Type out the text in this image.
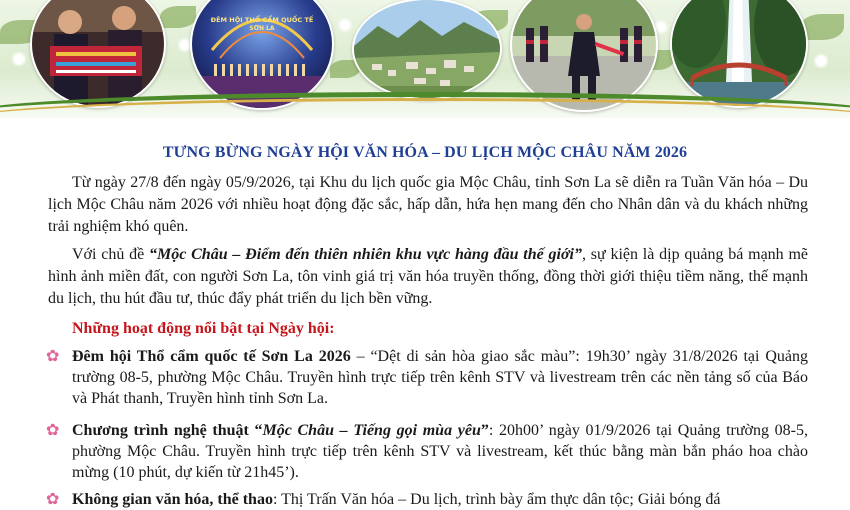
ĐÊM HỘI THỔ CẨM QUỐC TẾ
SƠN LA
TƯNG BỪNG NGÀY HỘI VĂN HÓA – DU LỊCH MỘC CHÂU NĂM 2026
Từ ngày 27/8 đến ngày 05/9/2026, tại Khu du lịch quốc gia Mộc Châu, tỉnh Sơn La sẽ diễn ra Tuần Văn hóa – Du lịch Mộc Châu năm 2026 với nhiều hoạt động đặc sắc, hấp dẫn, hứa hẹn mang đến cho Nhân dân và du khách những trải nghiệm khó quên.
Với chủ đề “Mộc Châu – Điểm đến thiên nhiên khu vực hàng đầu thế giới”, sự kiện là dịp quảng bá mạnh mẽ hình ảnh miền đất, con người Sơn La, tôn vinh giá trị văn hóa truyền thống, đồng thời giới thiệu tiềm năng, thế mạnh du lịch, thu hút đầu tư, thúc đẩy phát triển du lịch bền vững.
Những hoạt động nổi bật tại Ngày hội:
✿
Đêm hội Thổ cẩm quốc tế Sơn La 2026 – “Dệt di sản hòa giao sắc màu”: 19h30’ ngày 31/8/2026 tại Quảng trường 08-5, phường Mộc Châu. Truyền hình trực tiếp trên kênh STV và livestream trên các nền tảng số của Báo và Phát thanh, Truyền hình tỉnh Sơn La.
✿
Chương trình nghệ thuật “Mộc Châu – Tiếng gọi mùa yêu”: 20h00’ ngày 01/9/2026 tại Quảng trường 08-5, phường Mộc Châu. Truyền hình trực tiếp trên kênh STV và livestream, kết thúc bằng màn bắn pháo hoa chào mừng (10 phút, dự kiến từ 21h45’).
✿
Không gian văn hóa, thể thao: Thị Trấn Văn hóa – Du lịch, trình bày ẩm thực dân tộc; Giải bóng đá
